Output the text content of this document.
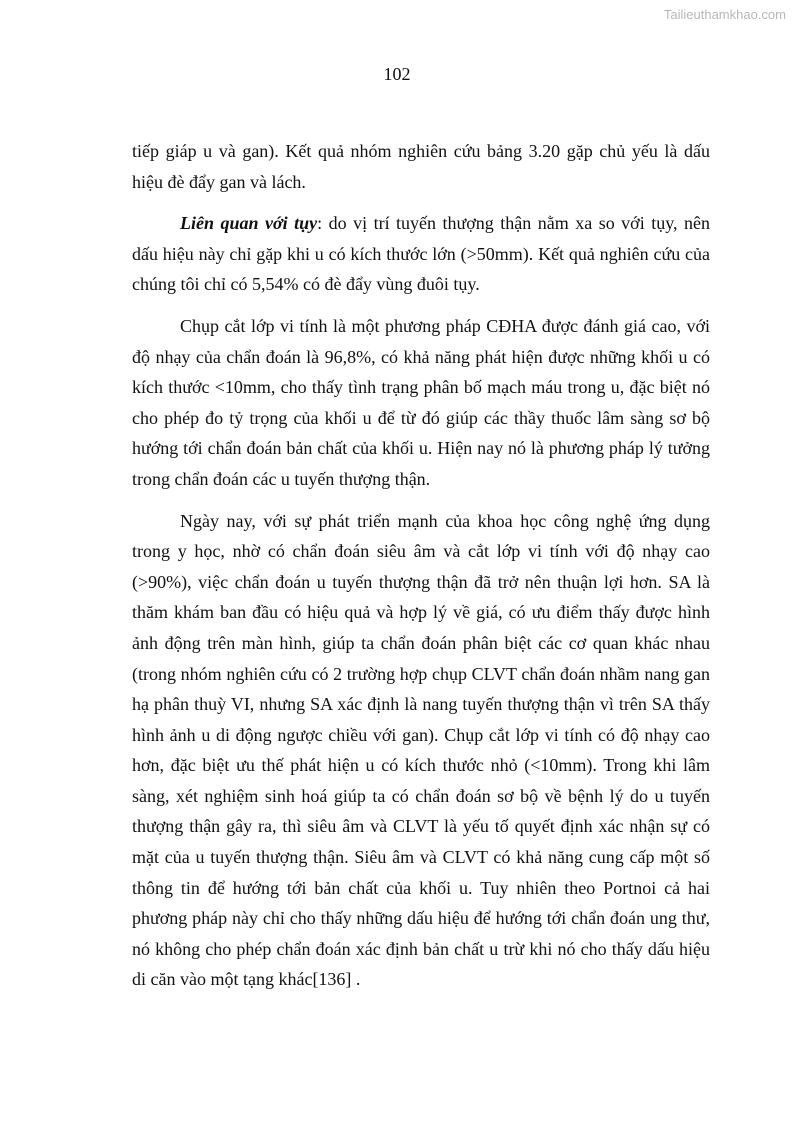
Tailieuthamkhao.com
102

tiếp giáp u và gan). Kết quả nhóm nghiên cứu bảng 3.20 gặp chủ yếu là dấu hiệu đè đẩy gan và lách.

Liên quan với tụy: do vị trí tuyến thượng thận nằm xa so với tụy, nên dấu hiệu này chỉ gặp khi u có kích thước lớn (>50mm). Kết quả nghiên cứu của chúng tôi chỉ có 5,54% có đè đẩy vùng đuôi tụy.

Chụp cắt lớp vi tính là một phương pháp CĐHA được đánh giá cao, với độ nhạy của chẩn đoán là 96,8%, có khả năng phát hiện được những khối u có kích thước <10mm, cho thấy tình trạng phân bố mạch máu trong u, đặc biệt nó cho phép đo tỷ trọng của khối u để từ đó giúp các thầy thuốc lâm sàng sơ bộ hướng tới chẩn đoán bản chất của khối u. Hiện nay nó là phương pháp lý tưởng trong chẩn đoán các u tuyến thượng thận.

Ngày nay, với sự phát triển mạnh của khoa học công nghệ ứng dụng trong y học, nhờ có chẩn đoán siêu âm và cắt lớp vi tính với độ nhạy cao (>90%), việc chẩn đoán u tuyến thượng thận đã trở nên thuận lợi hơn. SA là thăm khám ban đầu có hiệu quả và hợp lý về giá, có ưu điểm thấy được hình ảnh động trên màn hình, giúp ta chẩn đoán phân biệt các cơ quan khác nhau (trong nhóm nghiên cứu có 2 trường hợp chụp CLVT chẩn đoán nhầm nang gan hạ phân thuỳ VI, nhưng SA xác định là nang tuyến thượng thận vì trên SA thấy hình ảnh u di động ngược chiều với gan). Chụp cắt lớp vi tính có độ nhạy cao hơn, đặc biệt ưu thế phát hiện u có kích thước nhỏ (<10mm). Trong khi lâm sàng, xét nghiệm sinh hoá giúp ta có chẩn đoán sơ bộ về bệnh lý do u tuyến thượng thận gây ra, thì siêu âm và CLVT là yếu tố quyết định xác nhận sự có mặt của u tuyến thượng thận. Siêu âm và CLVT có khả năng cung cấp một số thông tin để hướng tới bản chất của khối u. Tuy nhiên theo Portnoi cả hai phương pháp này chỉ cho thấy những dấu hiệu để hướng tới chẩn đoán ung thư, nó không cho phép chẩn đoán xác định bản chất u trừ khi nó cho thấy dấu hiệu di căn vào một tạng khác[136] .
